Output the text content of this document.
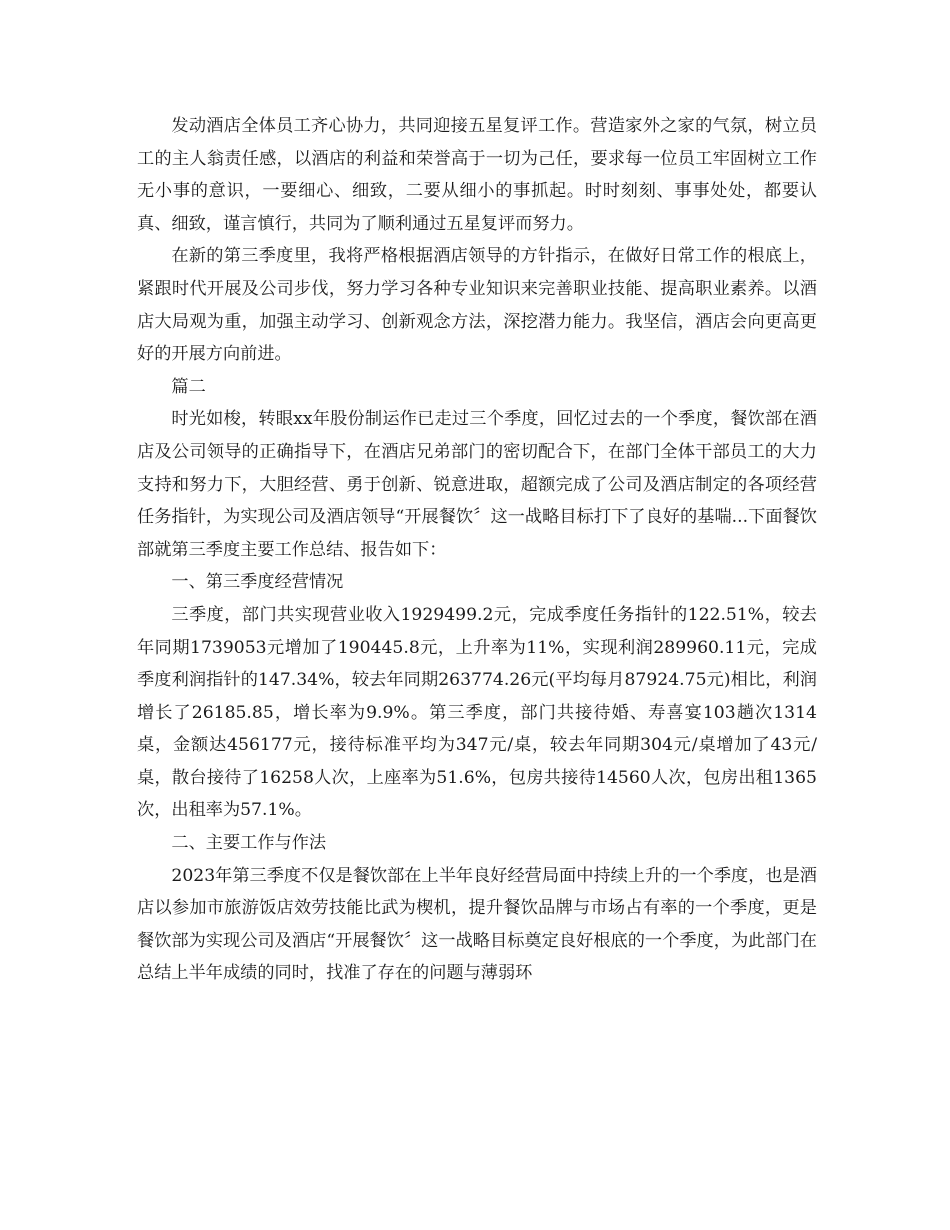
发动酒店全体员工齐心协力，共同迎接五星复评工作。营造家外之家的气氛，树立员工的主人翁责任感，以酒店的利益和荣誉高于一切为己任，要求每一位员工牢固树立工作无小事的意识，一要细心、细致，二要从细小的事抓起。时时刻刻、事事处处，都要认真、细致，谨言慎行，共同为了顺利通过五星复评而努力。

在新的第三季度里，我将严格根据酒店领导的方针指示，在做好日常工作的根底上，紧跟时代开展及公司步伐，努力学习各种专业知识来完善职业技能、提高职业素养。以酒店大局观为重，加强主动学习、创新观念方法，深挖潜力能力。我坚信，酒店会向更高更好的开展方向前进。

篇二

时光如梭，转眼xx年股份制运作已走过三个季度，回忆过去的一个季度，餐饮部在酒店及公司领导的正确指导下，在酒店兄弟部门的密切配合下，在部门全体干部员工的大力支持和努力下，大胆经营、勇于创新、锐意进取，超额完成了公司及酒店制定的各项经营任务指针，为实现公司及酒店领导“开展餐饮〞这一战略目标打下了良好的基喘...下面餐饮部就第三季度主要工作总结、报告如下：

一、第三季度经营情况

三季度，部门共实现营业收入1929499.2元，完成季度任务指针的122.51%，较去年同期1739053元增加了190445.8元，上升率为11%，实现利润289960.11元，完成季度利润指针的147.34%，较去年同期263774.26元(平均每月87924.75元)相比，利润增长了26185.85，增长率为9.9%。第三季度，部门共接待婚、寿喜宴103趟次1314桌，金额达456177元，接待标准平均为347元/桌，较去年同期304元/桌增加了43元/桌，散台接待了16258人次，上座率为51.6%，包房共接待14560人次，包房出租1365次，出租率为57.1%。

二、主要工作与作法

2023年第三季度不仅是餐饮部在上半年良好经营局面中持续上升的一个季度，也是酒店以参加市旅游饭店效劳技能比武为楔机，提升餐饮品牌与市场占有率的一个季度，更是餐饮部为实现公司及酒店“开展餐饮〞这一战略目标奠定良好根底的一个季度，为此部门在总结上半年成绩的同时，找准了存在的问题与薄弱环
